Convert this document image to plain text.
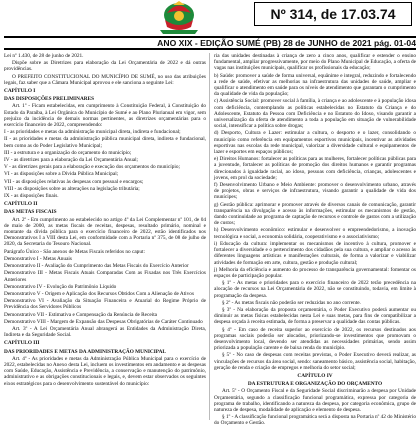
Nº 314, de 17.03.74
ANO XIX - EDIÇÃO SUMÉ (PB) 28 de JUNHO de 2021 pág. 01-04

Lei nº 1.430, de 28 de junho de 2021.

Dispõe sobre as Diretrizes para elaboração da Lei Orçamentária de 2022 e dá outras providências.

O PREFEITO CONSTITUCIONAL DO MUNICÍPIO DE SUMÉ, no uso das atribuições legais, faz saber que a Câmara Municipal aprovou e ele sanciona a seguinte Lei:

CAPÍTULO I

DAS DISPOSIÇÕES PRELIMINARES

Art. 1º - Ficam estabelecidas, em cumprimento à Constituição Federal, à Constituição do Estado da Paraíba, à Lei Orgânica do Município de Sumé e ao Plano Plurianual em vigor, sem prejuízo da incidência de demais normas pertinentes, as diretrizes orçamentárias para o exercício financeiro de 2022, compreendendo:

I - as prioridades e metas da administração municipal direta, indireta e fundacional;

II - as prioridades e metas da administração pública municipal direta, indireta e fundacional, bem como as do Poder Legislativo Municipal;

III - a estrutura e a organização do orçamento do município;

IV - as diretrizes para a elaboração da Lei Orçamentária Anual;

V - as diretrizes gerais para a elaboração e execução dos orçamentos do município;

VI - as disposições sobre a Dívida Pública Municipal;

VII - as disposições relativas às despesas com pessoal e encargos;

VIII - as disposições sobre as alterações na legislação tributária;

IX - as disposições finais.

CAPÍTULO II

DAS METAS FISCAIS

Art. 2º - Em cumprimento ao estabelecido no artigo 4º da Lei Complementar nº 101, de 04 de maio de 2000, as metas fiscais de receitas, despesas, resultado primário, nominal e montante da dívida pública para o exercício financeiro de 2022, estão identificados nos Demonstrativos I a VIII desta Lei, em conformidade com a Portaria nº 375, de 08 de julho de 2020, da Secretaria do Tesouro Nacional.

Parágrafo Único - São anexos de Metas Fiscais referidos no caput:

Demonstrativo I - Metas Anuais

Demonstrativo II - Avaliação do Cumprimento das Metas Fiscais do Exercício Anterior

Demonstrativo III - Metas Fiscais Atuais Comparadas Com as Fixadas nos Três Exercícios Anteriores

Demonstrativo IV - Evolução do Patrimônio Líquido

Demonstrativo V - Origem e Aplicação dos Recursos Obtidos Com a Alienação de Ativos

Demonstrativo VI - Avaliação da Situação Financeira e Atuarial do Regime Próprio de Previdência dos Servidores Públicos

Demonstrativo VII - Estimativa e Compensação da Renúncia de Receita

Demonstrativo VIII - Margem de Expansão das Despesas Obrigatórias de Caráter Continuado

Art. 3º - A Lei Orçamentária Anual abrangerá as Entidades da Administração Direta, Indireta e da Seguridade Social.

CAPÍTULO III

DAS PRIORIDADES E METAS DA ADMINISTRAÇÃO MUNICIPAL

Art. 4º - As prioridades e metas da Administração Pública Municipal para o exercício de 2022, estabelecidas no Anexo desta Lei, incluem os investimentos em andamento e as despesas com Saúde, Educação, Assistência e Previdência, a conservação e manutenção do patrimônio, administrativo e as obrigações constitucionais e legais, e, devem estar observados os seguintes eixos estratégicos para o desenvolvimento sustentável do município:

ria das unidades destinadas à criança de zero a cinco anos, qualificar e estender o ensino fundamental, ampliar progressivamente, por meio do Plano Municipal de Educação, a oferta de vagas nas instituições municipais, qualificar os profissionais da educação;

b) Saúde: promover a saúde de forma universal, equânime e integral, reduzindo e fortalecendo a rede de saúde, efetivar as melhorias na infraestrutura das unidades de saúde, ampliar e qualificar o atendimento em saúde para os níveis de atendimento que garantam o cumprimento da qualidade de vida da população;

c) Assistência Social: promover social à família, à criança e ao adolescente e à população idosa com deficiência, contemplando as políticas estabelecidas no Estatuto da Criança e do Adolescente, Estatuto da Pessoa com Deficiência e no Estatuto do Idoso, visando garantir a universalização da oferta de atendimento a toda a população em situação de vulnerabilidade social, intensificar a política sobre drogas;

d) Desporto, Cultura e Lazer: estimular a cultura, o desporto e o lazer, consolidando o município como referência em equipamentos esportivos municipais, incentivar as atividades esportivas nas escolas da rede municipal, valorizar a diversidade cultural e equipamentos de lazer e esportes em espaços públicos;

e) Direitos Humanos: fortalecer as políticas para as mulheres, fortalecer políticas públicas para a juventude, fortalecer as políticas de promoção dos direitos humanos e garantir programas direcionados à igualdade racial, ao idoso, pessoas com deficiência, crianças, adolescentes e jovens, em prol da sociedade;

f) Desenvolvimento Urbano e Meio Ambiente: promover o desenvolvimento urbano, através de projetos, obras e serviços de infraestrutura, visando garantir a qualidade de vida dos munícipes;

g) Gestão pública: aprimorar e promover através de diversos canais de comunicação, garantir transparência na divulgação e acesso às informações, estimular os mecanismos de gestão, dando continuidade ao programa de captação de recursos e controle de gastos com a utilização de custos;

h) Desenvolvimento econômico: estimular e desenvolver o empreendedorismo, a inovação tecnológica e social, a economia solidária, cooperativismo e o associativismo;

i) Educação da cultura: implementar os mecanismos de incentivo à cultura, promover e fortalecer a diversidade e o pertencimento dos cidadãos pela sua cultura, e ampliar o acesso às diferentes linguagens artísticas e manifestações culturais, de forma a valorizar e viabilizar atividades de formação em arte, cultura, gestão e produção cultural;

j) Melhoria da eficiência e aumento do processo de transparência governamental: fomentar os espaços de participação popular.

§ 1º - As metas e prioridades para o exercício financeiro de 2022 terão precedência na alocação de recursos na Lei Orçamentária de 2022, não se constituindo, todavia, em limite à programação da despesa.

§ 2º - As metas fiscais não poderão ser reduzidas no ano corrente.

§ 3º - Na elaboração da proposta orçamentária, o Poder Executivo poderá aumentar ou diminuir as metas físicas estabelecidas nesta Lei e suas metas, para fins de compatibilizar a despesa orçada à receita estimada, de forma a preservar a qualidade das contas públicas.

§ 4º - Em caso de receita superior ao exercício de 2022, os recursos destinados aos programas sociais poderão ser alocados, priorizando-se investimentos que promovam o desenvolvimento local, devendo ser atendidas as necessidades primárias, sendo assim priorizada a população carente e de baixa renda do município.

§ 5º - No caso de despesas com receitas previstas, o Poder Executivo deverá realizar, as vinculações de recursos da área social, sendo: saneamento básico, assistência social, habitação, geração de renda e criação de empregos e melhoria do setor social;

CAPÍTULO IV

DA ESTRUTURA E ORGANIZAÇÃO DO ORÇAMENTO

Art. 5º - O Orçamento Fiscal e da Seguridade Social discriminarão a despesa por Unidade Orçamentária, segundo a classificação funcional programática, expressa por categoria de programa de trabalho, identificando a natureza da despesa, por categoria econômica, grupo de natureza de despesa, modalidade de aplicação e elemento de despesa.

§ 1º - A classificação funcional programática será a disposta na Portaria nº 42 do Ministério do Orçamento e Gestão.
